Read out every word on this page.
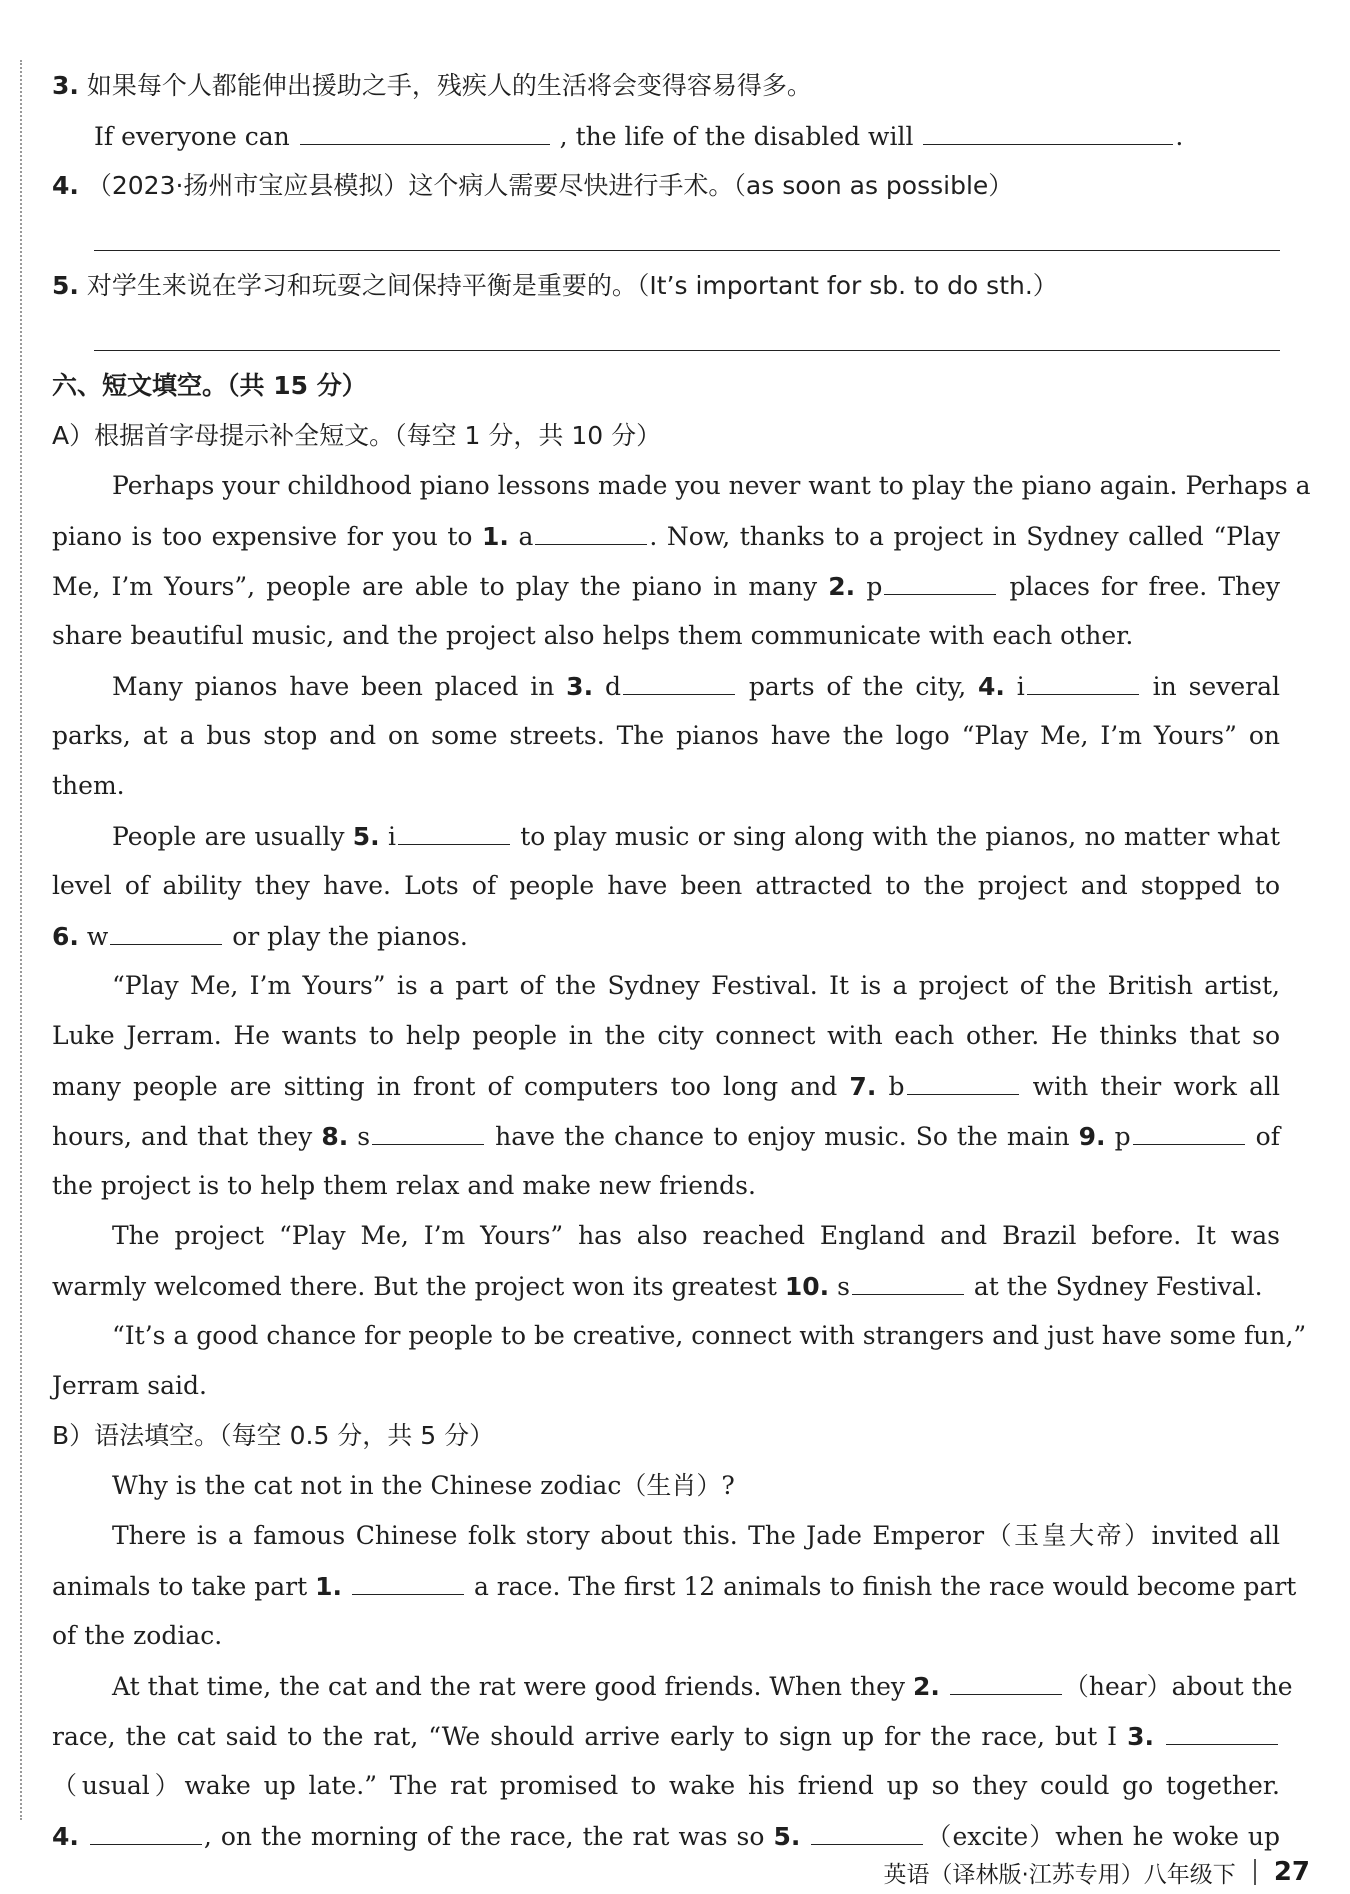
3. 如果每个人都能伸出援助之手，残疾人的生活将会变得容易得多。
If everyone can	, the life of the disabled will	.
4. （2023·扬州市宝应县模拟）这个病人需要尽快进行手术。（as soon as possible）
5. 对学生来说在学习和玩耍之间保持平衡是重要的。（It’s important for sb. to do sth.）
六、短文填空。（共 15 分）
A）根据首字母提示补全短文。（每空 1 分，共 10 分）
Perhaps your childhood piano lessons made you never want to play the piano again. Perhaps a
piano is too expensive for you to 1. a	. Now, thanks to a project in Sydney called “Play
Me, I’m Yours”, people are able to play the piano in many 2. p	places for free. They
share beautiful music, and the project also helps them communicate with each other.
Many pianos have been placed in 3. d	parts of the city, 4. i	in several
parks, at a bus stop and on some streets. The pianos have the logo “Play Me, I’m Yours” on
them.
People are usually 5. i	to play music or sing along with the pianos, no matter what
level of ability they have. Lots of people have been attracted to the project and stopped to
6. w	or play the pianos.
“Play Me, I’m Yours” is a part of the Sydney Festival. It is a project of the British artist,
Luke Jerram. He wants to help people in the city connect with each other. He thinks that so
many people are sitting in front of computers too long and 7. b	with their work all
hours, and that they 8. s	have the chance to enjoy music. So the main 9. p	of
the project is to help them relax and make new friends.
The project “Play Me, I’m Yours” has also reached England and Brazil before. It was
warmly welcomed there. But the project won its greatest 10. s	at the Sydney Festival.
“It’s a good chance for people to be creative, connect with strangers and just have some fun,”
Jerram said.
B）语法填空。（每空 0.5 分，共 5 分）
Why is the cat not in the Chinese zodiac（生肖）?
There is a famous Chinese folk story about this. The Jade Emperor（玉皇大帝）invited all
animals to take part 1.	a race. The first 12 animals to finish the race would become part
of the zodiac.
At that time, the cat and the rat were good friends. When they 2.	（hear）about the
race, the cat said to the rat, “We should arrive early to sign up for the race, but I 3.
（usual）wake up late.” The rat promised to wake his friend up so they could go together.
4.	, on the morning of the race, the rat was so 5.	（excite）when he woke up
英语（译林版·江苏专用）八年级下 27
